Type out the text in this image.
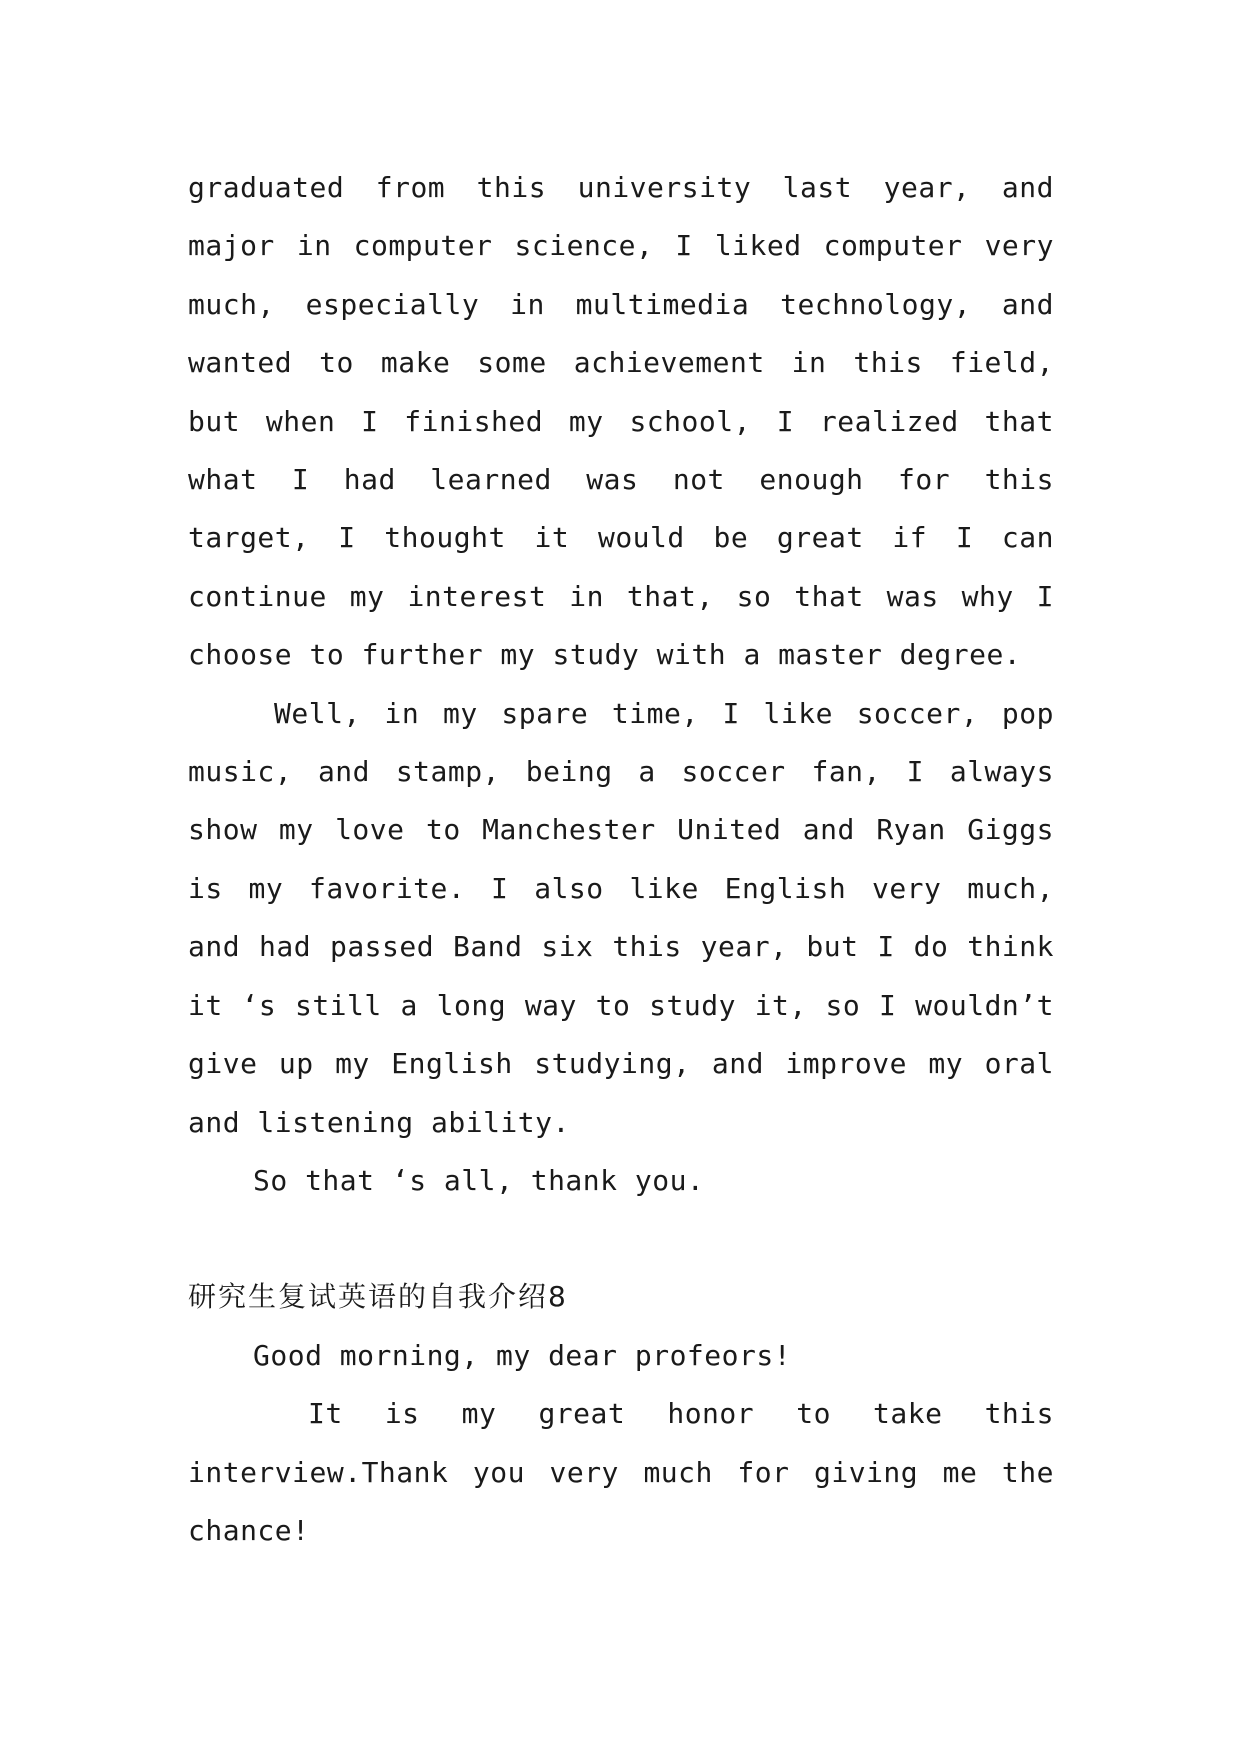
graduated from this university last year, and major in computer science, I liked computer very much, especially in multimedia technology, and wanted to make some achievement in this field, but when I finished my school, I realized that what I had learned was not enough for this target, I thought it would be great if I can continue my interest in that, so that was why I choose to further my study with a master degree.

Well, in my spare time, I like soccer, pop music, and stamp, being a soccer fan, I always show my love to Manchester United and Ryan Giggs is my favorite. I also like English very much, and had passed Band six this year, but I do think it ‘s still a long way to study it, so I wouldn’t give up my English studying, and improve my oral and listening ability.

So that ‘s all, thank you.

研究生复试英语的自我介绍8

Good morning, my dear profeors!

It is my great honor to take this interview.Thank you very much for giving me the chance!
